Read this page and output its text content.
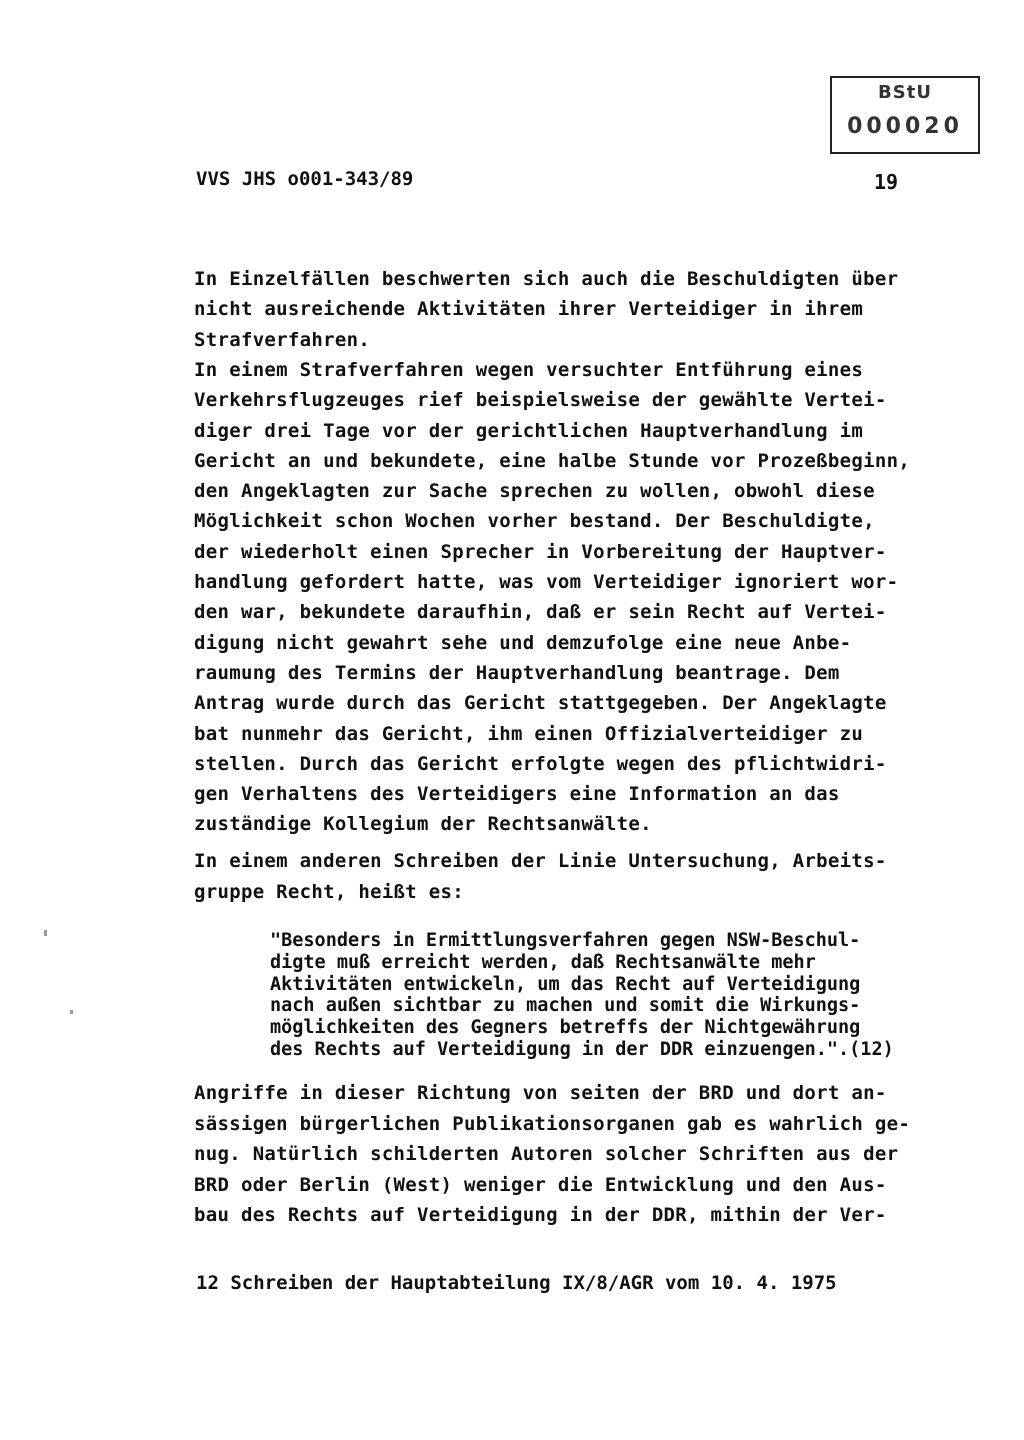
BStU
000020
VVS JHS o001-343/89	19
In Einzelfällen beschwerten sich auch die Beschuldigten über
nicht ausreichende Aktivitäten ihrer Verteidiger in ihrem
Strafverfahren.
In einem Strafverfahren wegen versuchter Entführung eines
Verkehrsflugzeuges rief beispielsweise der gewählte Vertei-
diger drei Tage vor der gerichtlichen Hauptverhandlung im
Gericht an und bekundete, eine halbe Stunde vor Prozeßbeginn,
den Angeklagten zur Sache sprechen zu wollen, obwohl diese
Möglichkeit schon Wochen vorher bestand. Der Beschuldigte,
der wiederholt einen Sprecher in Vorbereitung der Hauptver-
handlung gefordert hatte, was vom Verteidiger ignoriert wor-
den war, bekundete daraufhin, daß er sein Recht auf Vertei-
digung nicht gewahrt sehe und demzufolge eine neue Anbe-
raumung des Termins der Hauptverhandlung beantrage. Dem
Antrag wurde durch das Gericht stattgegeben. Der Angeklagte
bat nunmehr das Gericht, ihm einen Offizialverteidiger zu
stellen. Durch das Gericht erfolgte wegen des pflichtwidri-
gen Verhaltens des Verteidigers eine Information an das
zuständige Kollegium der Rechtsanwälte.
In einem anderen Schreiben der Linie Untersuchung, Arbeits-
gruppe Recht, heißt es:
"Besonders in Ermittlungsverfahren gegen NSW-Beschul-
digte muß erreicht werden, daß Rechtsanwälte mehr
Aktivitäten entwickeln, um das Recht auf Verteidigung
nach außen sichtbar zu machen und somit die Wirkungs-
möglichkeiten des Gegners betreffs der Nichtgewährung
des Rechts auf Verteidigung in der DDR einzuengen.".(12)
Angriffe in dieser Richtung von seiten der BRD und dort an-
sässigen bürgerlichen Publikationsorganen gab es wahrlich ge-
nug. Natürlich schilderten Autoren solcher Schriften aus der
BRD oder Berlin (West) weniger die Entwicklung und den Aus-
bau des Rechts auf Verteidigung in der DDR, mithin der Ver-
12 Schreiben der Hauptabteilung IX/8/AGR vom 10. 4. 1975
